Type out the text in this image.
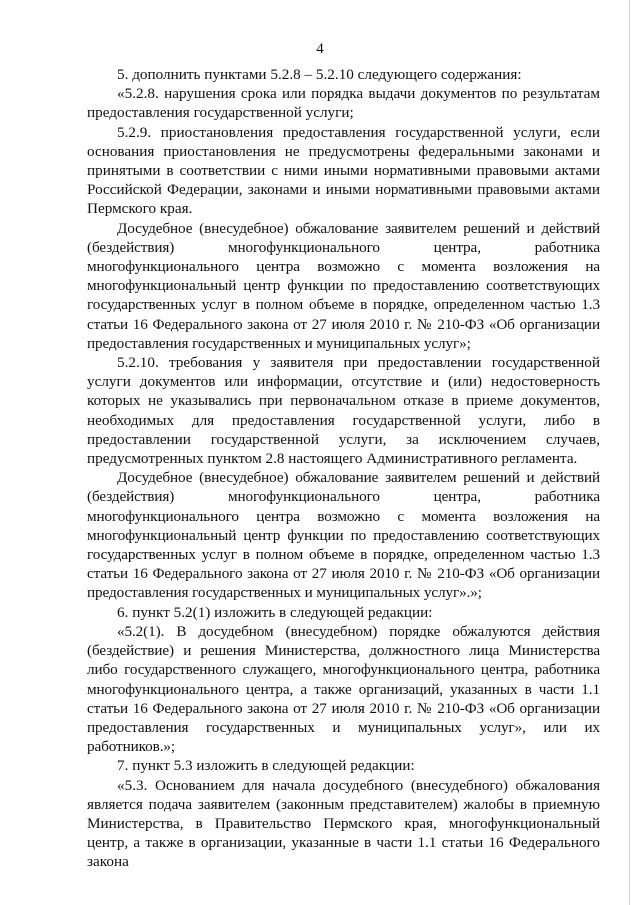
4

5. дополнить пунктами 5.2.8 – 5.2.10 следующего содержания:

«5.2.8. нарушения срока или порядка выдачи документов по результатам предоставления государственной услуги;

5.2.9. приостановления предоставления государственной услуги, если основания приостановления не предусмотрены федеральными законами и принятыми в соответствии с ними иными нормативными правовыми актами Российской Федерации, законами и иными нормативными правовыми актами Пермского края.

Досудебное (внесудебное) обжалование заявителем решений и действий (бездействия) многофункционального центра, работника многофункционального центра возможно с момента возложения на многофункциональный центр функции по предоставлению соответствующих государственных услуг в полном объеме в порядке, определенном частью 1.3 статьи 16 Федерального закона от 27 июля 2010 г. № 210-ФЗ «Об организации предоставления государственных и муниципальных услуг»;

5.2.10. требования у заявителя при предоставлении государственной услуги документов или информации, отсутствие и (или) недостоверность которых не указывались при первоначальном отказе в приеме документов, необходимых для предоставления государственной услуги, либо в предоставлении государственной услуги, за исключением случаев, предусмотренных пунктом 2.8 настоящего Административного регламента.

Досудебное (внесудебное) обжалование заявителем решений и действий (бездействия) многофункционального центра, работника многофункционального центра возможно с момента возложения на многофункциональный центр функции по предоставлению соответствующих государственных услуг в полном объеме в порядке, определенном частью 1.3 статьи 16 Федерального закона от 27 июля 2010 г. № 210-ФЗ «Об организации предоставления государственных и муниципальных услуг».»;

6. пункт 5.2(1) изложить в следующей редакции:

«5.2(1). В досудебном (внесудебном) порядке обжалуются действия (бездействие) и решения Министерства, должностного лица Министерства либо государственного служащего, многофункционального центра, работника многофункционального центра, а также организаций, указанных в части 1.1 статьи 16 Федерального закона от 27 июля 2010 г. № 210-ФЗ «Об организации предоставления государственных и муниципальных услуг», или их работников.»;

7. пункт 5.3 изложить в следующей редакции:

«5.3. Основанием для начала досудебного (внесудебного) обжалования является подача заявителем (законным представителем) жалобы в приемную Министерства, в Правительство Пермского края, многофункциональный центр, а также в организации, указанные в части 1.1 статьи 16 Федерального закона
